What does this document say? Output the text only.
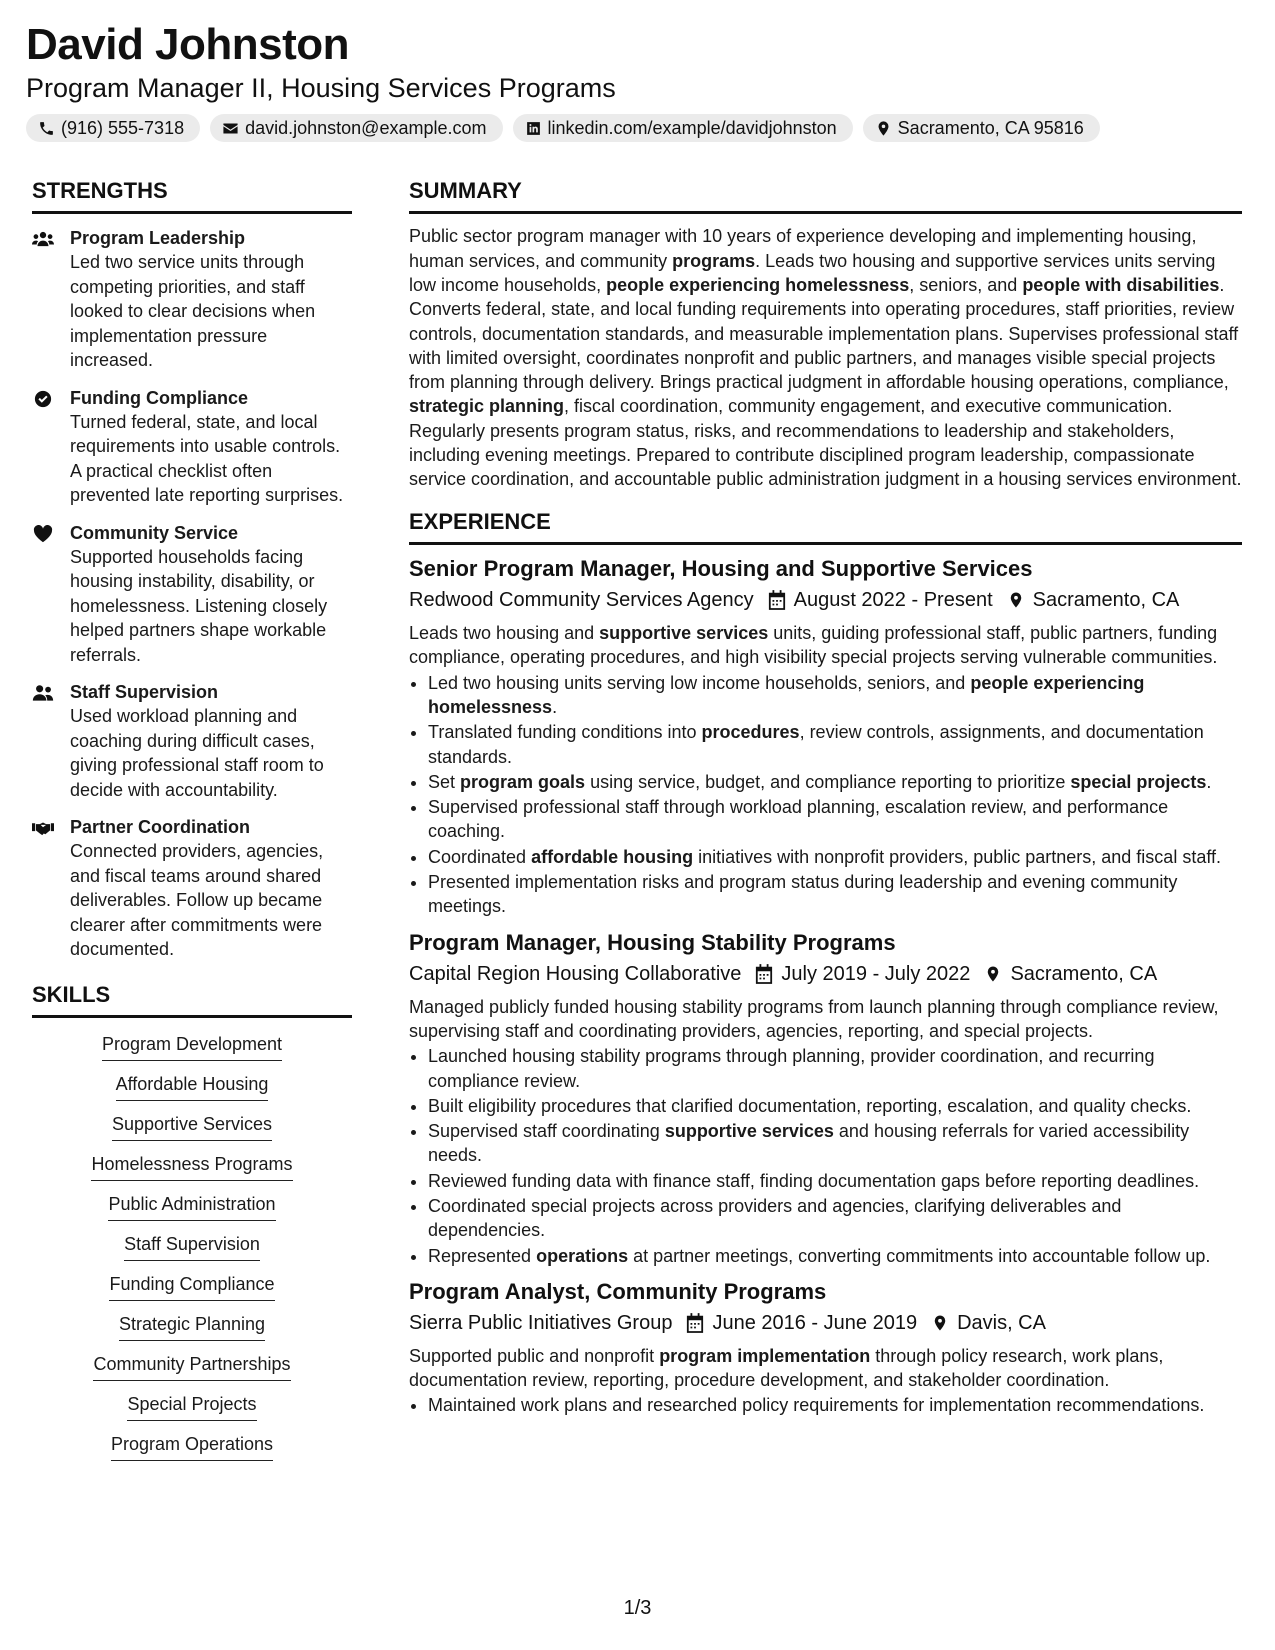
David Johnston
Program Manager II, Housing Services Programs
(916) 555-7318	david.johnston@example.com	linkedin.com/example/davidjohnston	Sacramento, CA 95816
STRENGTHS
Program Leadership
Led two service units through competing priorities, and staff looked to clear decisions when implementation pressure increased.
Funding Compliance
Turned federal, state, and local requirements into usable controls. A practical checklist often prevented late reporting surprises.
Community Service
Supported households facing housing instability, disability, or homelessness. Listening closely helped partners shape workable referrals.
Staff Supervision
Used workload planning and coaching during difficult cases, giving professional staff room to decide with accountability.
Partner Coordination
Connected providers, agencies, and fiscal teams around shared deliverables. Follow up became clearer after commitments were documented.
SKILLS
Program Development
Affordable Housing
Supportive Services
Homelessness Programs
Public Administration
Staff Supervision
Funding Compliance
Strategic Planning
Community Partnerships
Special Projects
Program Operations
SUMMARY

Public sector program manager with 10 years of experience developing and implementing housing, human services, and community programs. Leads two housing and supportive services units serving low income households, people experiencing homelessness, seniors, and people with disabilities. Converts federal, state, and local funding requirements into operating procedures, staff priorities, review controls, documentation standards, and measurable implementation plans. Supervises professional staff with limited oversight, coordinates nonprofit and public partners, and manages visible special projects from planning through delivery. Brings practical judgment in affordable housing operations, compliance, strategic planning, fiscal coordination, community engagement, and executive communication. Regularly presents program status, risks, and recommendations to leadership and stakeholders, including evening meetings. Prepared to contribute disciplined program leadership, compassionate service coordination, and accountable public administration judgment in a housing services environment.

EXPERIENCE
Senior Program Manager, Housing and Supportive Services
Redwood Community Services Agency August 2022 - Present Sacramento, CA
Leads two housing and supportive services units, guiding professional staff, public partners, funding compliance, operating procedures, and high visibility special projects serving vulnerable communities.
• Led two housing units serving low income households, seniors, and people experiencing homelessness.
• Translated funding conditions into procedures, review controls, assignments, and documentation standards.
• Set program goals using service, budget, and compliance reporting to prioritize special projects.
• Supervised professional staff through workload planning, escalation review, and performance coaching.
• Coordinated affordable housing initiatives with nonprofit providers, public partners, and fiscal staff.
• Presented implementation risks and program status during leadership and evening community meetings.
Program Manager, Housing Stability Programs
Capital Region Housing Collaborative July 2019 - July 2022 Sacramento, CA
Managed publicly funded housing stability programs from launch planning through compliance review, supervising staff and coordinating providers, agencies, reporting, and special projects.
• Launched housing stability programs through planning, provider coordination, and recurring compliance review.
• Built eligibility procedures that clarified documentation, reporting, escalation, and quality checks.
• Supervised staff coordinating supportive services and housing referrals for varied accessibility needs.
• Reviewed funding data with finance staff, finding documentation gaps before reporting deadlines.
• Coordinated special projects across providers and agencies, clarifying deliverables and dependencies.
• Represented operations at partner meetings, converting commitments into accountable follow up.
Program Analyst, Community Programs
Sierra Public Initiatives Group June 2016 - June 2019 Davis, CA
Supported public and nonprofit program implementation through policy research, work plans, documentation review, reporting, procedure development, and stakeholder coordination.
• Maintained work plans and researched policy requirements for implementation recommendations.
1/3
